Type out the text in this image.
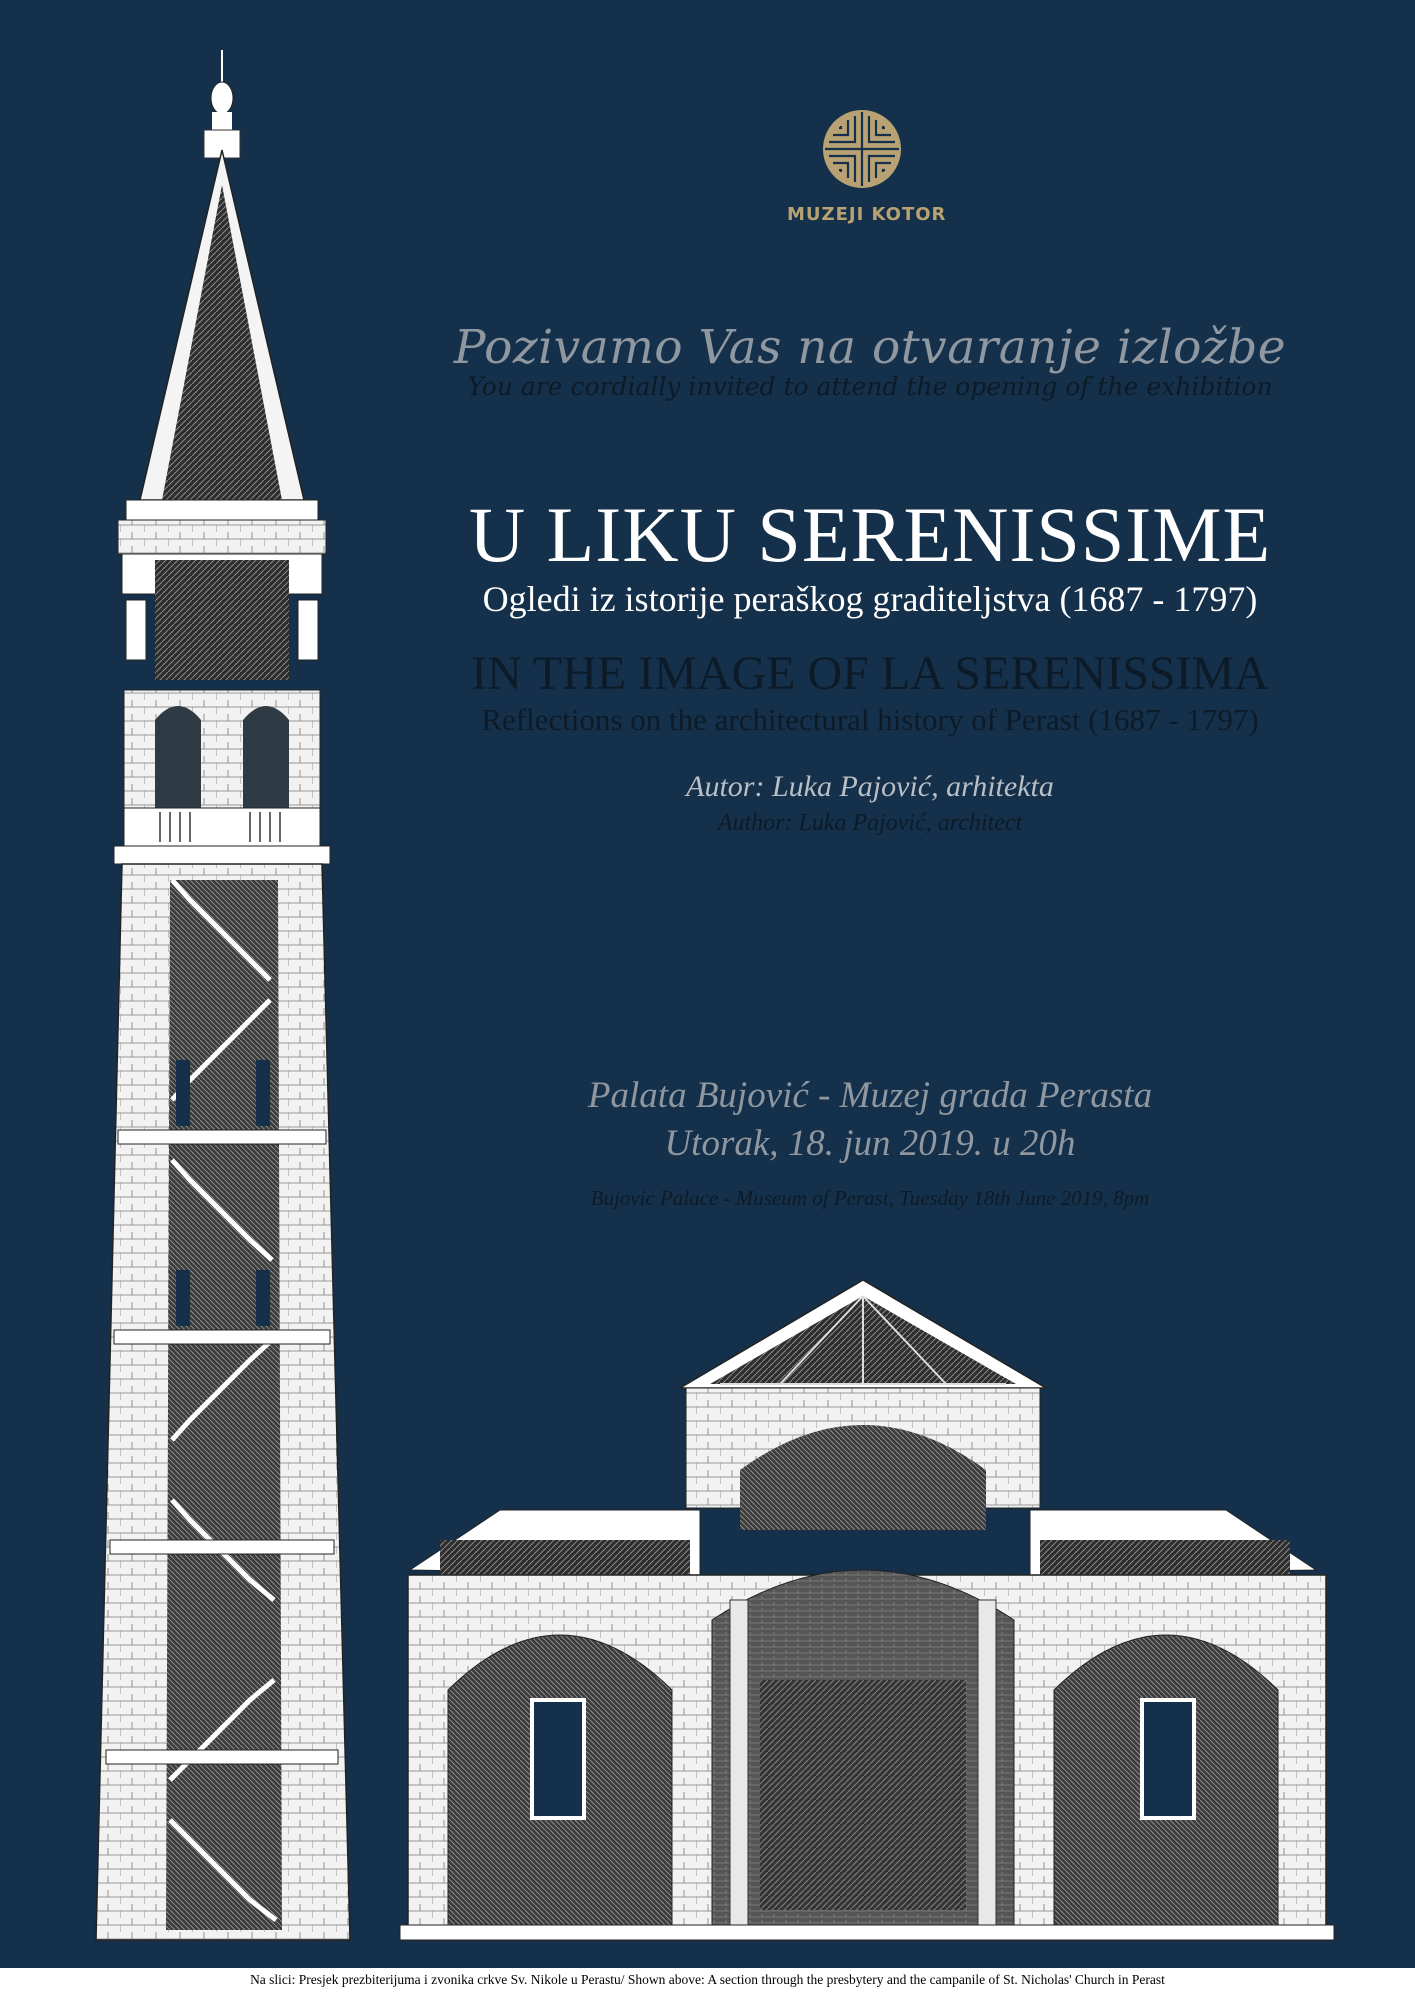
MUZEJI KOTOR
Pozivamo Vas na otvaranje izložbe
You are cordially invited to attend the opening of the exhibition
U LIKU SERENISSIME
Ogledi iz istorije peraškog graditeljstva (1687 - 1797)
IN THE IMAGE OF LA SERENISSIMA
Reflections on the architectural history of Perast (1687 - 1797)
Autor: Luka Pajović, arhitekta
Author: Luka Pajović, architect
Palata Bujović - Muzej grada Perasta
Utorak, 18. jun 2019. u 20h
Bujovic Palace - Museum of Perast, Tuesday 18th June 2019, 8pm
Na slici: Presjek prezbiterijuma i zvonika crkve Sv. Nikole u Perastu/ Shown above: A section through the presbytery and the campanile of St. Nicholas' Church in Perast
